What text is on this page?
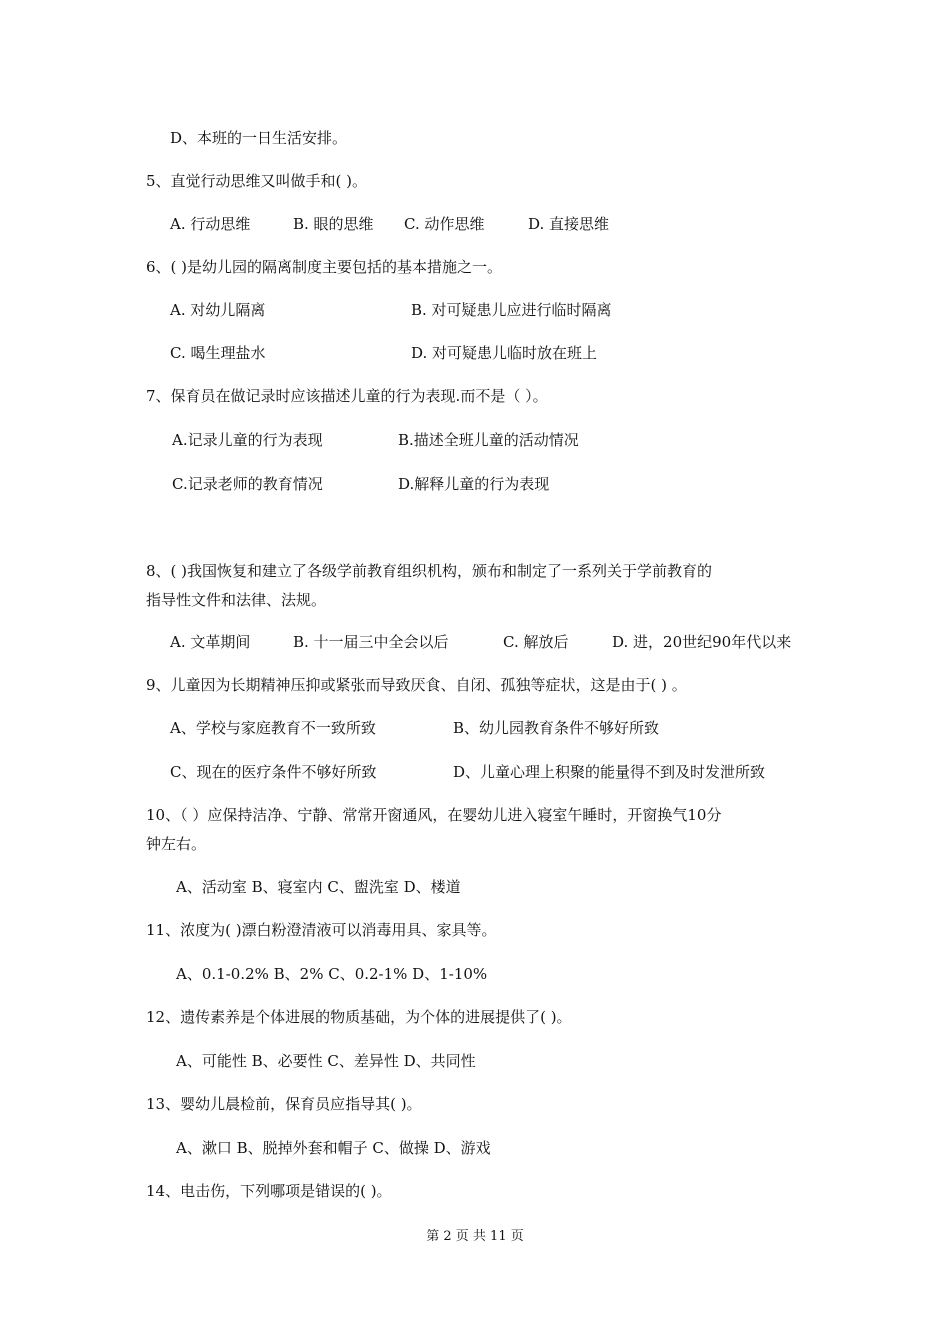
D、本班的一日生活安排。
5、直觉行动思维又叫做手和( )。
A. 行动思维	B. 眼的思维 C. 动作思维	D. 直接思维
6、( )是幼儿园的隔离制度主要包括的基本措施之一。
A. 对幼儿隔离	B. 对可疑患儿应进行临时隔离
C. 喝生理盐水	D. 对可疑患儿临时放在班上
7、保育员在做记录时应该描述儿童的行为表现.而不是（ ）。
A.记录儿童的行为表现	B.描述全班儿童的活动情况
C.记录老师的教育情况	D.解释儿童的行为表现
8、( )我国恢复和建立了各级学前教育组织机构，颁布和制定了一系列关于学前教育的
指导性文件和法律、法规。
A. 文革期间	B. 十一届三中全会以后	C. 解放后	D. 进，20世纪90年代以来
9、儿童因为长期精神压抑或紧张而导致厌食、自闭、孤独等症状，这是由于( ) 。
A、学校与家庭教育不一致所致	B、幼儿园教育条件不够好所致
C、现在的医疗条件不够好所致	D、儿童心理上积聚的能量得不到及时发泄所致
10、（ ）应保持洁净、宁静、常常开窗通风，在婴幼儿进入寝室午睡时，开窗换气10分
钟左右。
A、活动室 B、寝室内 C、盥洗室 D、楼道
11、浓度为( )漂白粉澄清液可以消毒用具、家具等。
A、0.1-0.2% B、2% C、0.2-1% D、1-10%
12、遗传素养是个体进展的物质基础，为个体的进展提供了( )。
A、可能性 B、必要性 C、差异性 D、共同性
13、婴幼儿晨检前，保育员应指导其( )。
A、漱口 B、脱掉外套和帽子 C、做操 D、游戏
14、电击伤，下列哪项是错误的( )。
第 2 页 共 11 页
